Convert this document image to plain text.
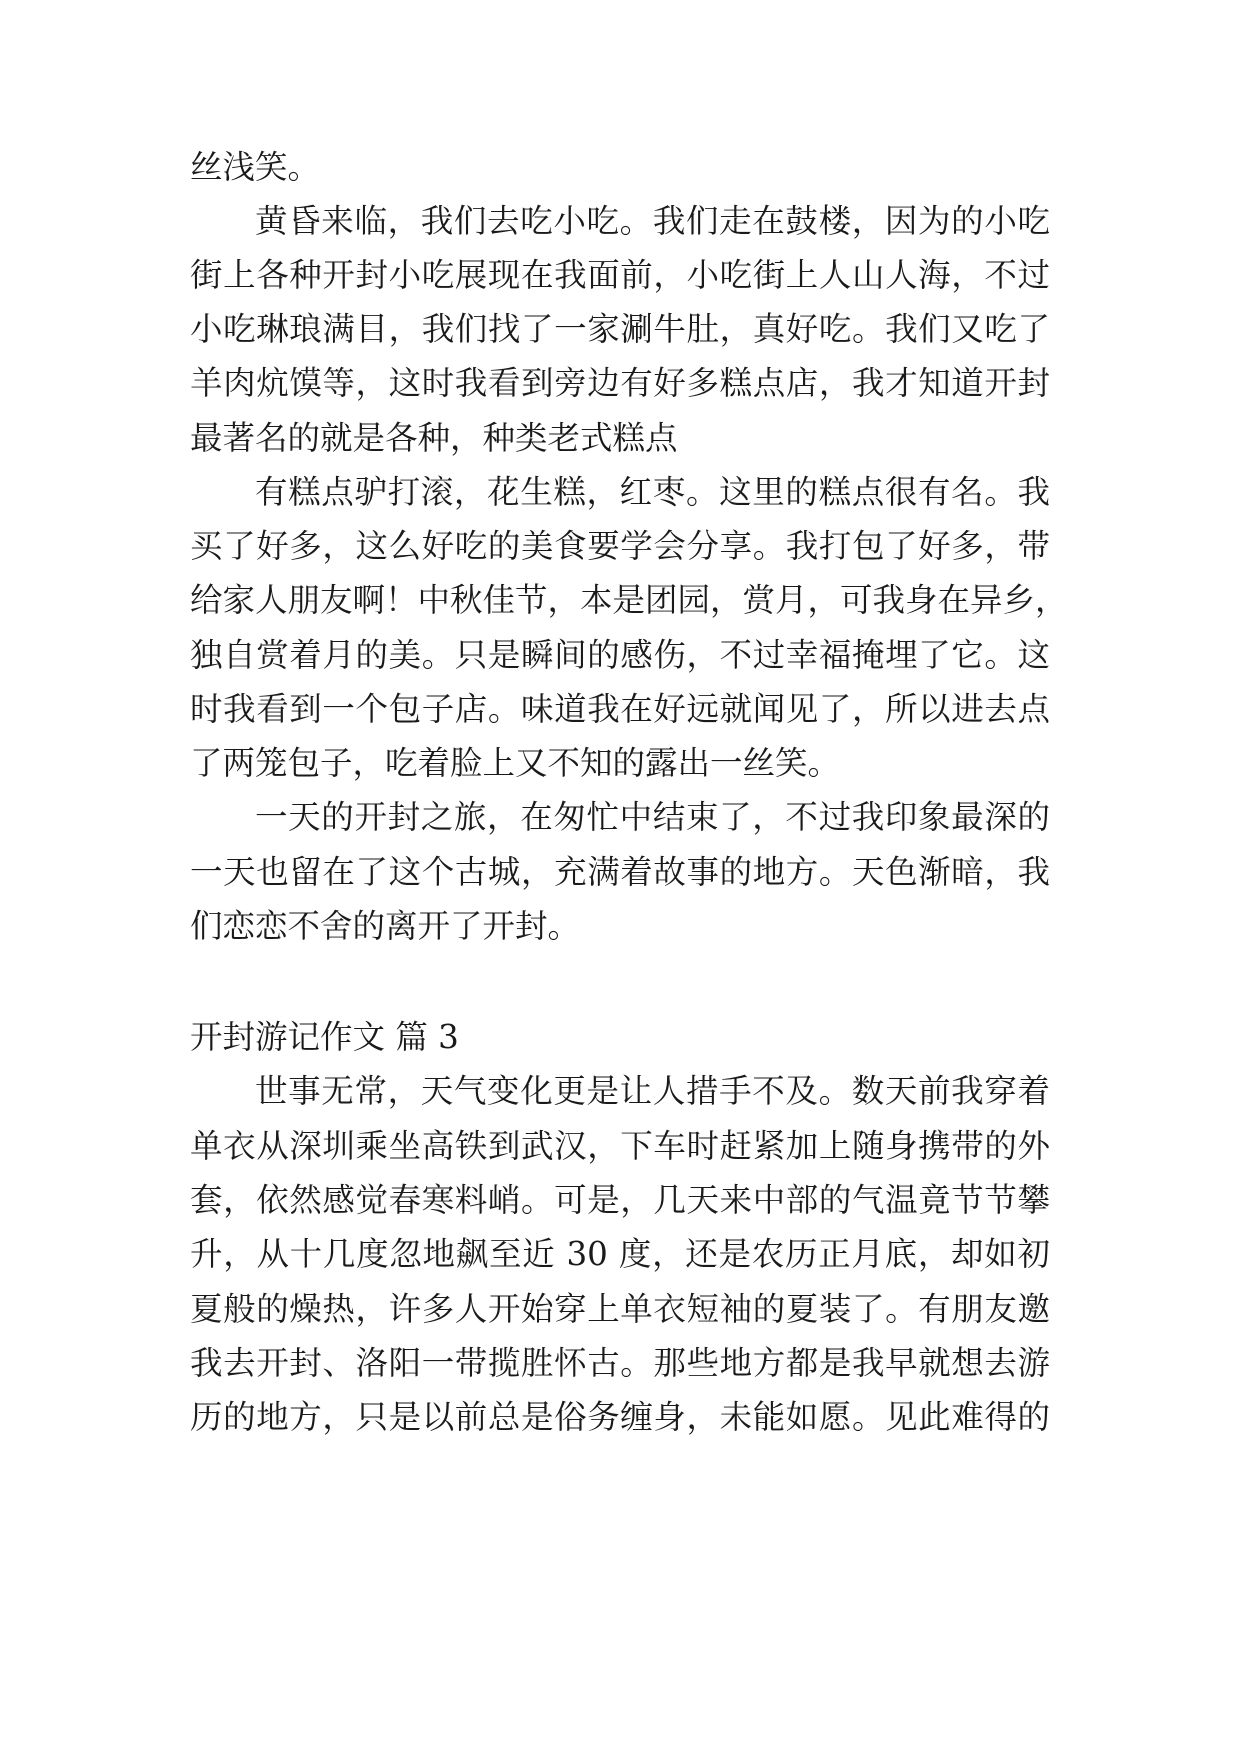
丝浅笑。
黄昏来临，我们去吃小吃。我们走在鼓楼，因为的小吃
街上各种开封小吃展现在我面前，小吃街上人山人海，不过
小吃琳琅满目，我们找了一家涮牛肚，真好吃。我们又吃了
羊肉炕馍等，这时我看到旁边有好多糕点店，我才知道开封
最著名的就是各种，种类老式糕点
有糕点驴打滚，花生糕，红枣。这里的糕点很有名。我
买了好多，这么好吃的美食要学会分享。我打包了好多，带
给家人朋友啊！中秋佳节，本是团园，赏月，可我身在异乡，
独自赏着月的美。只是瞬间的感伤，不过幸福掩埋了它。这
时我看到一个包子店。味道我在好远就闻见了，所以进去点
了两笼包子，吃着脸上又不知的露出一丝笑。
一天的开封之旅，在匆忙中结束了，不过我印象最深的
一天也留在了这个古城，充满着故事的地方。天色渐暗，我
们恋恋不舍的离开了开封。
开封游记作文 篇 3
世事无常，天气变化更是让人措手不及。数天前我穿着
单衣从深圳乘坐高铁到武汉，下车时赶紧加上随身携带的外
套，依然感觉春寒料峭。可是，几天来中部的气温竟节节攀
升，从十几度忽地飙至近 30 度，还是农历正月底，却如初
夏般的燥热，许多人开始穿上单衣短袖的夏装了。有朋友邀
我去开封、洛阳一带揽胜怀古。那些地方都是我早就想去游
历的地方，只是以前总是俗务缠身，未能如愿。见此难得的
